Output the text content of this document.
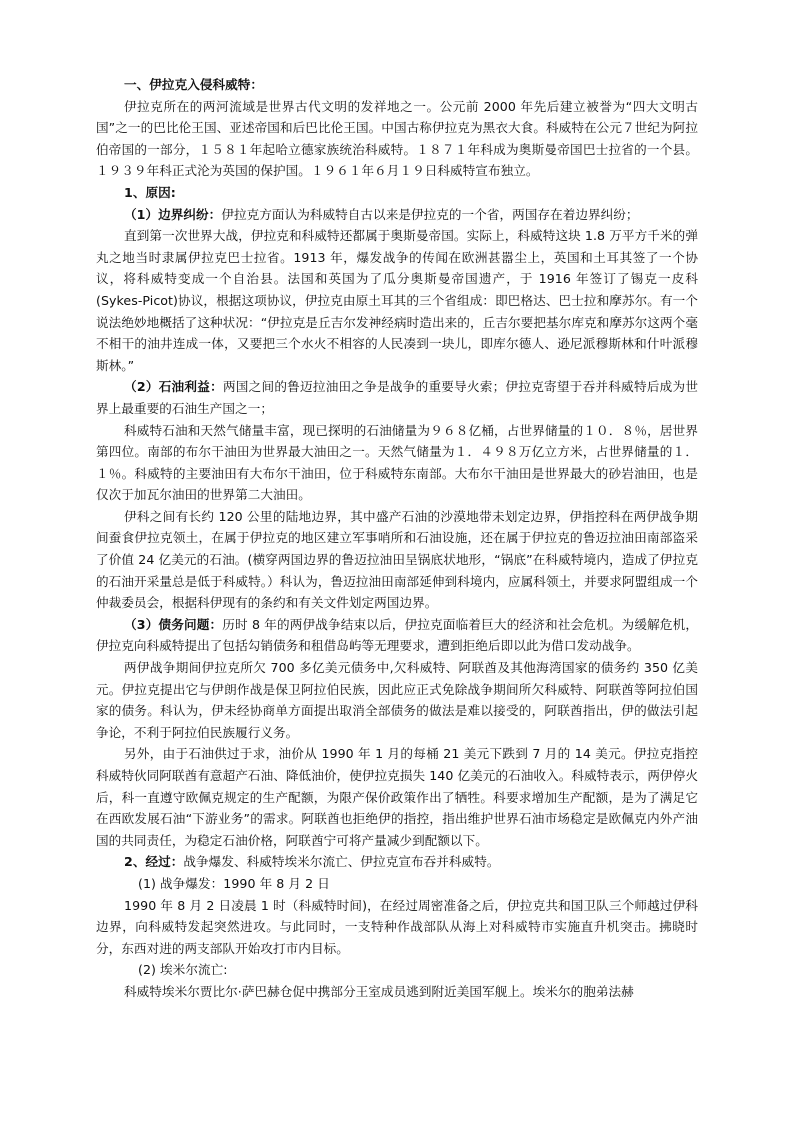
一、伊拉克入侵科威特：

伊拉克所在的两河流域是世界古代文明的发祥地之一。公元前 2000 年先后建立被誉为“四大文明古国”之一的巴比伦王国、亚述帝国和后巴比伦王国。中国古称伊拉克为黑衣大食。科威特在公元７世纪为阿拉伯帝国的一部分，１５８１年起哈立德家族统治科威特。１８７１年科成为奥斯曼帝国巴士拉省的一个县。１９３９年科正式沦为英国的保护国。１９６１年６月１９日科威特宣布独立。

1、原因:

（1）边界纠纷：伊拉克方面认为科威特自古以来是伊拉克的一个省，两国存在着边界纠纷；

直到第一次世界大战，伊拉克和科威特还都属于奥斯曼帝国。实际上，科威特这块 1.8 万平方千米的弹丸之地当时隶属伊拉克巴士拉省。1913 年，爆发战争的传闻在欧洲甚嚣尘上，英国和土耳其签了一个协议，将科威特变成一个自治县。法国和英国为了瓜分奥斯曼帝国遗产，于 1916 年签订了锡克一皮科(Sykes-Picot)协议，根据这项协议，伊拉克由原土耳其的三个省组成：即巴格达、巴士拉和摩苏尔。有一个说法绝妙地概括了这种状况：“伊拉克是丘吉尔发神经病时造出来的，丘吉尔要把基尔库克和摩苏尔这两个毫不相干的油井连成一体，又要把三个水火不相容的人民凑到一块儿，即库尔德人、逊尼派穆斯林和什叶派穆斯林。”

（2）石油利益：两国之间的鲁迈拉油田之争是战争的重要导火索；伊拉克寄望于吞并科威特后成为世界上最重要的石油生产国之一；

科威特石油和天然气储量丰富，现已探明的石油储量为９６８亿桶，占世界储量的１０．８％，居世界第四位。南部的布尔干油田为世界最大油田之一。天然气储量为１．４９８万亿立方米，占世界储量的１．１％。科威特的主要油田有大布尔干油田，位于科威特东南部。大布尔干油田是世界最大的砂岩油田，也是仅次于加瓦尔油田的世界第二大油田。

伊科之间有长约 120 公里的陆地边界，其中盛产石油的沙漠地带未划定边界，伊指控科在两伊战争期间蚕食伊拉克领土，在属于伊拉克的地区建立军事哨所和石油设施，还在属于伊拉克的鲁迈拉油田南部盗采了价值 24 亿美元的石油。(横穿两国边界的鲁迈拉油田呈锅底状地形，“锅底”在科威特境内，造成了伊拉克的石油开采量总是低于科威特。）科认为，鲁迈拉油田南部延伸到科境内，应属科领土，并要求阿盟组成一个仲裁委员会，根据科伊现有的条约和有关文件划定两国边界。

（3）债务问题：历时 8 年的两伊战争结束以后，伊拉克面临着巨大的经济和社会危机。为缓解危机，伊拉克向科威特提出了包括勾销债务和租借岛屿等无理要求，遭到拒绝后即以此为借口发动战争。

两伊战争期间伊拉克所欠 700 多亿美元债务中,欠科威特、阿联酋及其他海湾国家的债务约 350 亿美元。伊拉克提出它与伊朗作战是保卫阿拉伯民族，因此应正式免除战争期间所欠科威特、阿联酋等阿拉伯国家的债务。科认为，伊未经协商单方面提出取消全部债务的做法是难以接受的，阿联酋指出，伊的做法引起争论，不利于阿拉伯民族履行义务。

另外，由于石油供过于求，油价从 1990 年 1 月的每桶 21 美元下跌到 7 月的 14 美元。伊拉克指控科威特伙同阿联酋有意超产石油、降低油价，使伊拉克损失 140 亿美元的石油收入。科威特表示，两伊停火后，科一直遵守欧佩克规定的生产配额，为限产保价政策作出了牺牲。科要求增加生产配额，是为了满足它在西欧发展石油“下游业务”的需求。阿联酋也拒绝伊的指控，指出维护世界石油市场稳定是欧佩克内外产油国的共同责任，为稳定石油价格，阿联酋宁可将产量减少到配额以下。

2、经过：战争爆发、科威特埃米尔流亡、伊拉克宣布吞并科威特。

(1) 战争爆发：1990 年 8 月 2 日

1990 年 8 月 2 日凌晨 1 时（科威特时间)，在经过周密准备之后，伊拉克共和国卫队三个师越过伊科边界，向科威特发起突然进攻。与此同时，一支特种作战部队从海上对科威特市实施直升机突击。拂晓时分，东西对进的两支部队开始攻打市内目标。

(2) 埃米尔流亡:

科威特埃米尔贾比尔·萨巴赫仓促中携部分王室成员逃到附近美国军舰上。埃米尔的胞弟法赫
